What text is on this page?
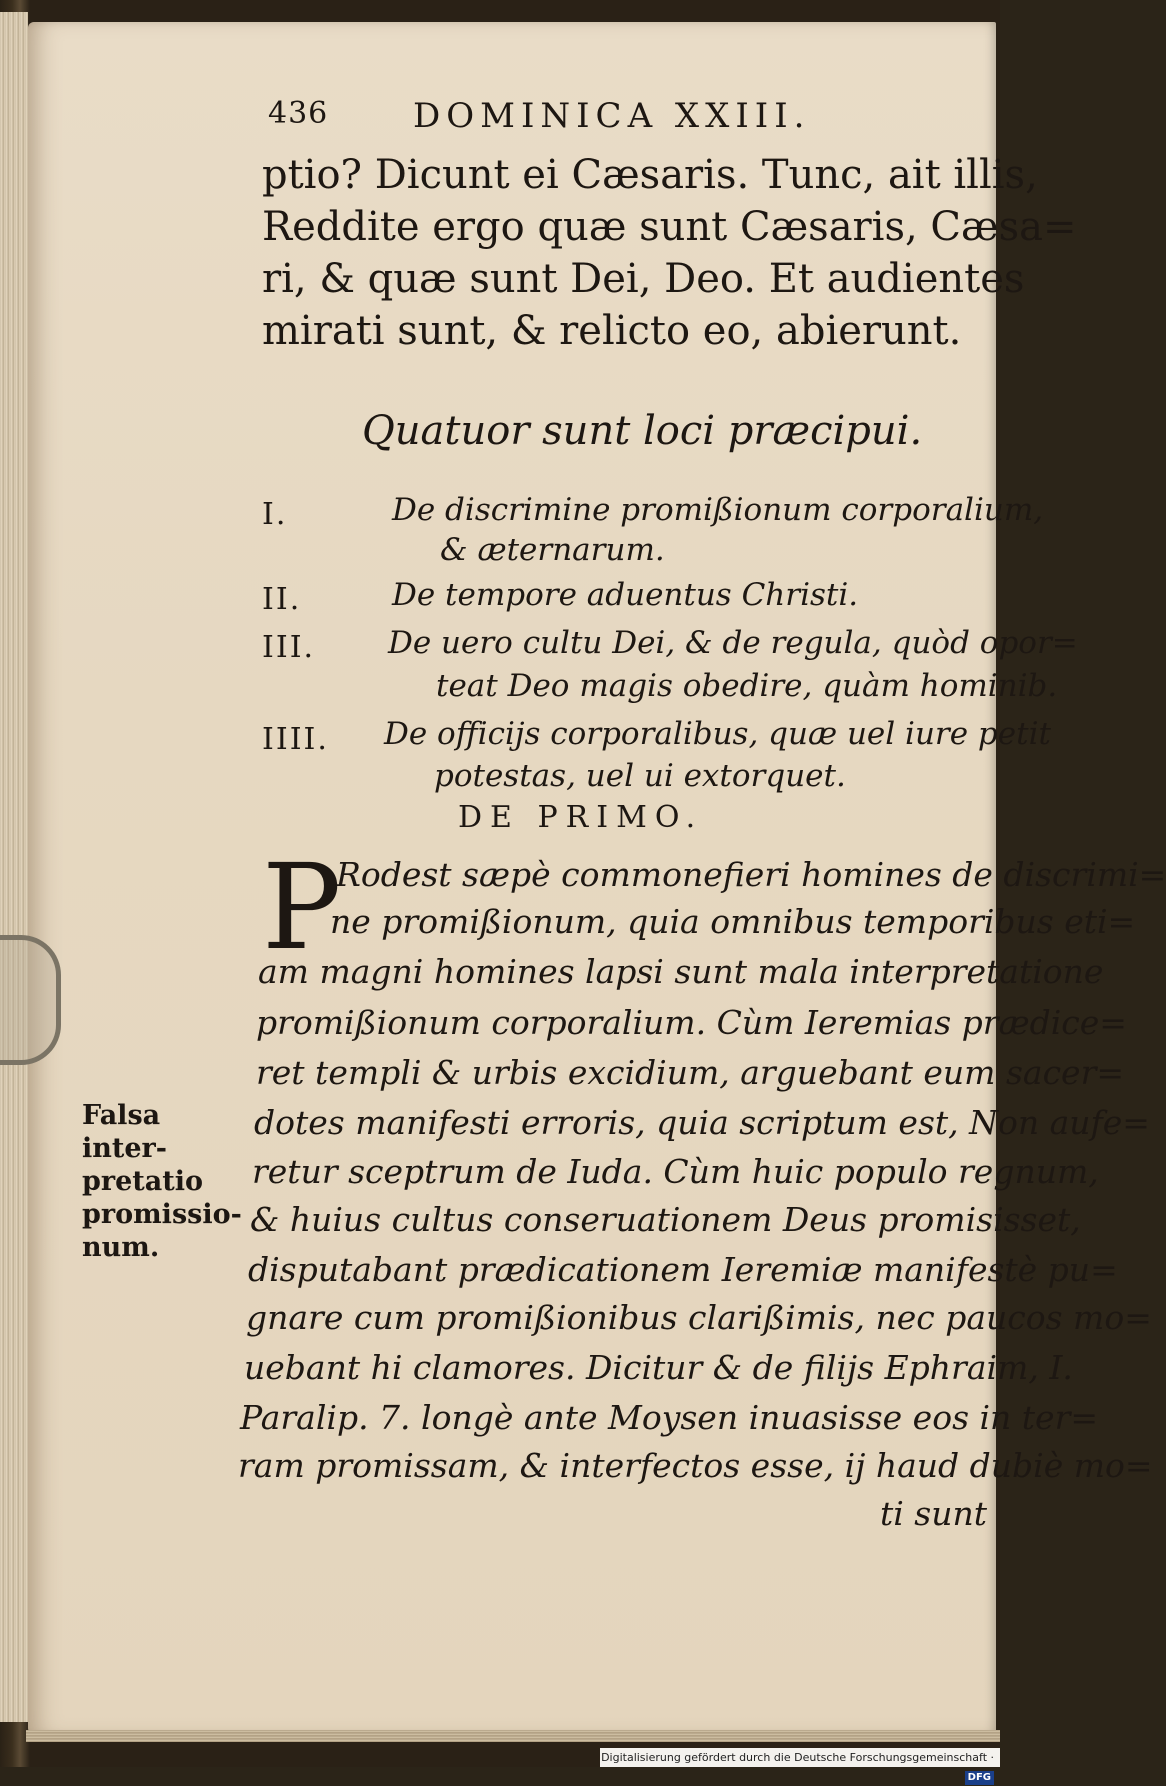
436 DOMINICA XXIII.
ptio? Dicunt ei Cæsaris. Tunc, ait illis,
Reddite ergo quæ sunt Cæsaris, Cæsa=
ri, & quæ sunt Dei, Deo. Et audientes
mirati sunt, & relicto eo, abierunt.
Quatuor sunt loci præcipui.
I.	De discrimine promißionum corporalium,
& æternarum.
II.	De tempore aduentus Christi.
III. De uero cultu Dei, & de regula, quòd opor=
teat Deo magis obedire, quàm hominib.
IIII. De officijs corporalibus, quæ uel iure petit
potestas, uel ui extorquet.
DE PRIMO.
P
Rodest sæpè commonefieri homines de discrimi=
ne promißionum, quia omnibus temporibus eti=
am magni homines lapsi sunt mala interpretatione
promißionum corporalium. Cùm Ieremias prædice=
ret templi & urbis excidium, arguebant eum sacer=
dotes manifesti erroris, quia scriptum est, Non aufe=
retur sceptrum de Iuda. Cùm huic populo regnum,
& huius cultus conseruationem Deus promisisset,
disputabant prædicationem Ieremiæ manifestè pu=
gnare cum promißionibus clarißimis, nec paucos mo=
uebant hi clamores. Dicitur & de filijs Ephraim, I.
Paralip. 7. longè ante Moysen inuasisse eos in ter=
ram promissam, & interfectos esse, ij haud dubiè mo=
ti sunt
Falsa inter-
pretatio
promissio-
num.
Digitalisierung gefördert durch die Deutsche Forschungsgemeinschaft · DFG
